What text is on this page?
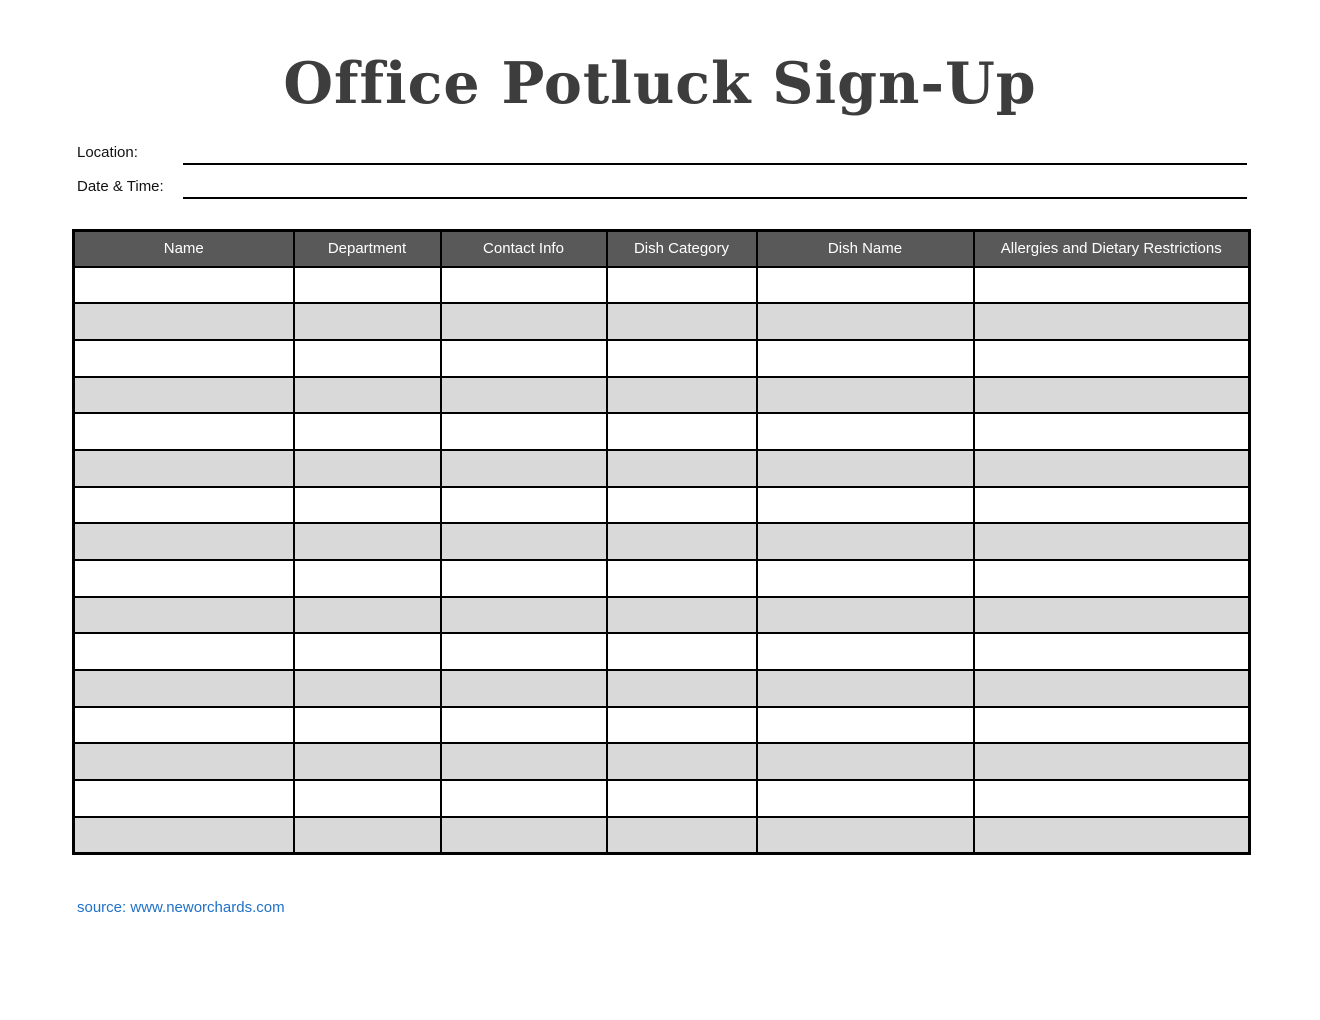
Office Potluck Sign-Up
Location:
Date & Time:
Name	Department	Contact Info	Dish Category	Dish Name	Allergies and Dietary Restrictions

source: www.neworchards.com
